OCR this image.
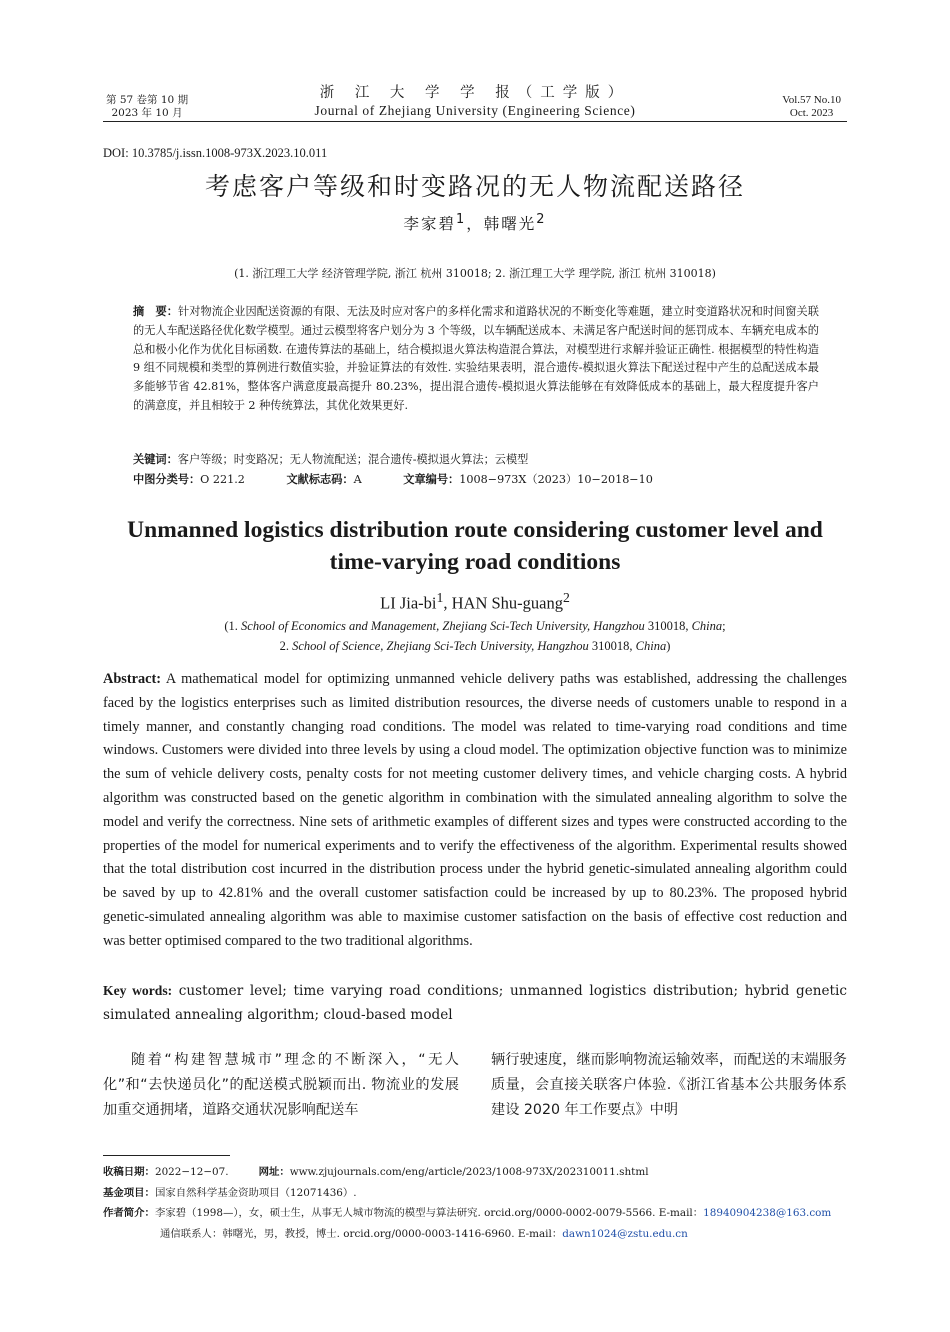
第 57 卷第 10 期
2023 年 10 月
浙 江 大 学 学 报（工学版）
Journal of Zhejiang University (Engineering Science)
Vol.57 No.10
Oct. 2023
DOI: 10.3785/j.issn.1008-973X.2023.10.011
考虑客户等级和时变路况的无人物流配送路径
李家碧$^1$，韩曙光$^2$
(1. 浙江理工大学 经济管理学院, 浙江 杭州 310018; 2. 浙江理工大学 理学院, 浙江 杭州 310018)
摘　要：针对物流企业因配送资源的有限、无法及时应对客户的多样化需求和道路状况的不断变化等难题，建立时变道路状况和时间窗关联的无人车配送路径优化数学模型。通过云模型将客户划分为 3 个等级，以车辆配送成本、未满足客户配送时间的惩罚成本、车辆充电成本的总和极小化作为优化目标函数. 在遗传算法的基础上，结合模拟退火算法构造混合算法，对模型进行求解并验证正确性. 根据模型的特性构造 9 组不同规模和类型的算例进行数值实验，并验证算法的有效性. 实验结果表明，混合遗传-模拟退火算法下配送过程中产生的总配送成本最多能够节省 42.81%，整体客户满意度最高提升 80.23%，提出混合遗传-模拟退火算法能够在有效降低成本的基础上，最大程度提升客户的满意度，并且相较于 2 种传统算法，其优化效果更好.
关键词：客户等级；时变路况；无人物流配送；混合遗传-模拟退火算法；云模型
中图分类号：O 221.2	文献标志码：A	文章编号：1008−973X（2023）10−2018−10
Unmanned logistics distribution route considering customer level and
time-varying road conditions
LI Jia-$bi^1$, HAN Shu-guang$^2$
(1. School of Economics and Management, Zhejiang Sci-Tech University, Hangzhou 310018, China;
2. School of Science, Zhejiang Sci-Tech University, Hangzhou 310018, China)
Abstract: A mathematical model for optimizing unmanned vehicle delivery paths was established, addressing the challenges faced by the logistics enterprises such as limited distribution resources, the diverse needs of customers unable to respond in a timely manner, and constantly changing road conditions. The model was related to time-varying road conditions and time windows. Customers were divided into three levels by using a cloud model. The optimization objective function was to minimize the sum of vehicle delivery costs, penalty costs for not meeting customer delivery times, and vehicle charging costs. A hybrid algorithm was constructed based on the genetic algorithm in combination with the simulated annealing algorithm to solve the model and verify the correctness. Nine sets of arithmetic examples of different sizes and types were constructed according to the properties of the model for numerical experiments and to verify the effectiveness of the algorithm. Experimental results showed that the total distribution cost incurred in the distribution process under the hybrid genetic-simulated annealing algorithm could be saved by up to 42.81% and the overall customer satisfaction could be increased by up to 80.23%. The proposed hybrid genetic-simulated annealing algorithm was able to maximise customer satisfaction on the basis of effective cost reduction and was better optimised compared to the two traditional algorithms.
Key words: customer level; time varying road conditions; unmanned logistics distribution; hybrid genetic simulated annealing algorithm; cloud-based model
随着“构建智慧城市”理念的不断深入，“无人化”和“去快递员化”的配送模式脱颖而出. 物流业的发展加重交通拥堵，道路交通状况影响配送车
辆行驶速度，继而影响物流运输效率，而配送的末端服务质量，会直接关联客户体验.《浙江省基本公共服务体系建设 2020 年工作要点》中明
收稿日期：2022−12−07.	网址：www.zjujournals.com/eng/article/2023/1008-973X/202310011.shtml
基金项目：国家自然科学基金资助项目（12071436）.
作者简介：李家碧（1998—），女，硕士生，从事无人城市物流的模型与算法研究. orcid.org/0000-0002-0079-5566. E-mail：18940904238@163.com
通信联系人：韩曙光，男，教授，博士. orcid.org/0000-0003-1416-6960. E-mail：dawn1024@zstu.edu.cn
